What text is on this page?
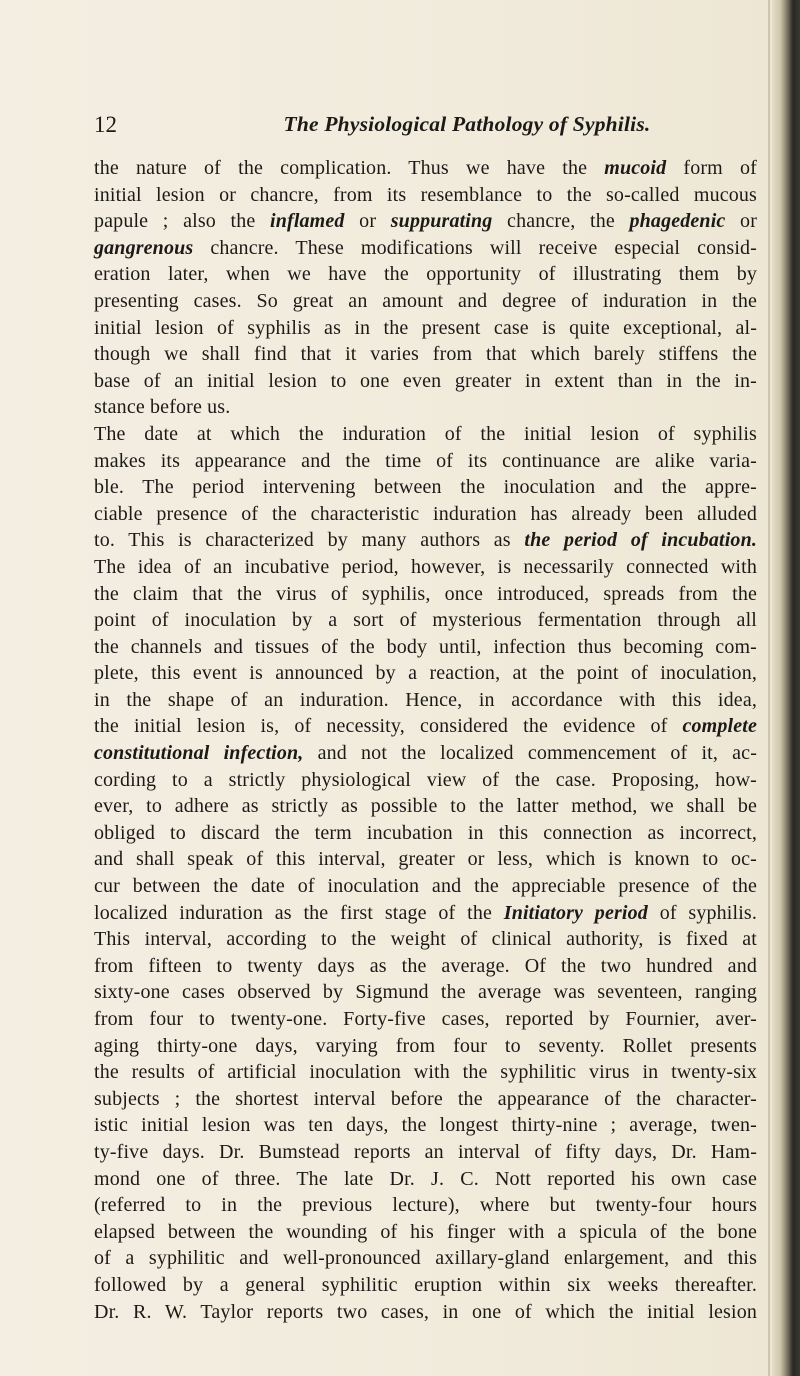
12	The Physiological Pathology of Syphilis.
the nature of the complication. Thus we have the mucoid form of
initial lesion or chancre, from its resemblance to the so-called mucous
papule ; also the inflamed or suppurating chancre, the phagedenic or
gangrenous chancre. These modifications will receive especial consid-
eration later, when we have the opportunity of illustrating them by
presenting cases. So great an amount and degree of induration in the
initial lesion of syphilis as in the present case is quite exceptional, al-
though we shall find that it varies from that which barely stiffens the
base of an initial lesion to one even greater in extent than in the in-
stance before us.
The date at which the induration of the initial lesion of syphilis
makes its appearance and the time of its continuance are alike varia-
ble. The period intervening between the inoculation and the appre-
ciable presence of the characteristic induration has already been alluded
to. This is characterized by many authors as the period of incubation.
The idea of an incubative period, however, is necessarily connected with
the claim that the virus of syphilis, once introduced, spreads from the
point of inoculation by a sort of mysterious fermentation through all
the channels and tissues of the body until, infection thus becoming com-
plete, this event is announced by a reaction, at the point of inoculation,
in the shape of an induration. Hence, in accordance with this idea,
the initial lesion is, of necessity, considered the evidence of complete
constitutional infection, and not the localized commencement of it, ac-
cording to a strictly physiological view of the case. Proposing, how-
ever, to adhere as strictly as possible to the latter method, we shall be
obliged to discard the term incubation in this connection as incorrect,
and shall speak of this interval, greater or less, which is known to oc-
cur between the date of inoculation and the appreciable presence of the
localized induration as the first stage of the Initiatory period of syphilis.
This interval, according to the weight of clinical authority, is fixed at
from fifteen to twenty days as the average. Of the two hundred and
sixty-one cases observed by Sigmund the average was seventeen, ranging
from four to twenty-one. Forty-five cases, reported by Fournier, aver-
aging thirty-one days, varying from four to seventy. Rollet presents
the results of artificial inoculation with the syphilitic virus in twenty-six
subjects ; the shortest interval before the appearance of the character-
istic initial lesion was ten days, the longest thirty-nine ; average, twen-
ty-five days. Dr. Bumstead reports an interval of fifty days, Dr. Ham-
mond one of three. The late Dr. J. C. Nott reported his own case
(referred to in the previous lecture), where but twenty-four hours
elapsed between the wounding of his finger with a spicula of the bone
of a syphilitic and well-pronounced axillary-gland enlargement, and this
followed by a general syphilitic eruption within six weeks thereafter.
Dr. R. W. Taylor reports two cases, in one of which the initial lesion
